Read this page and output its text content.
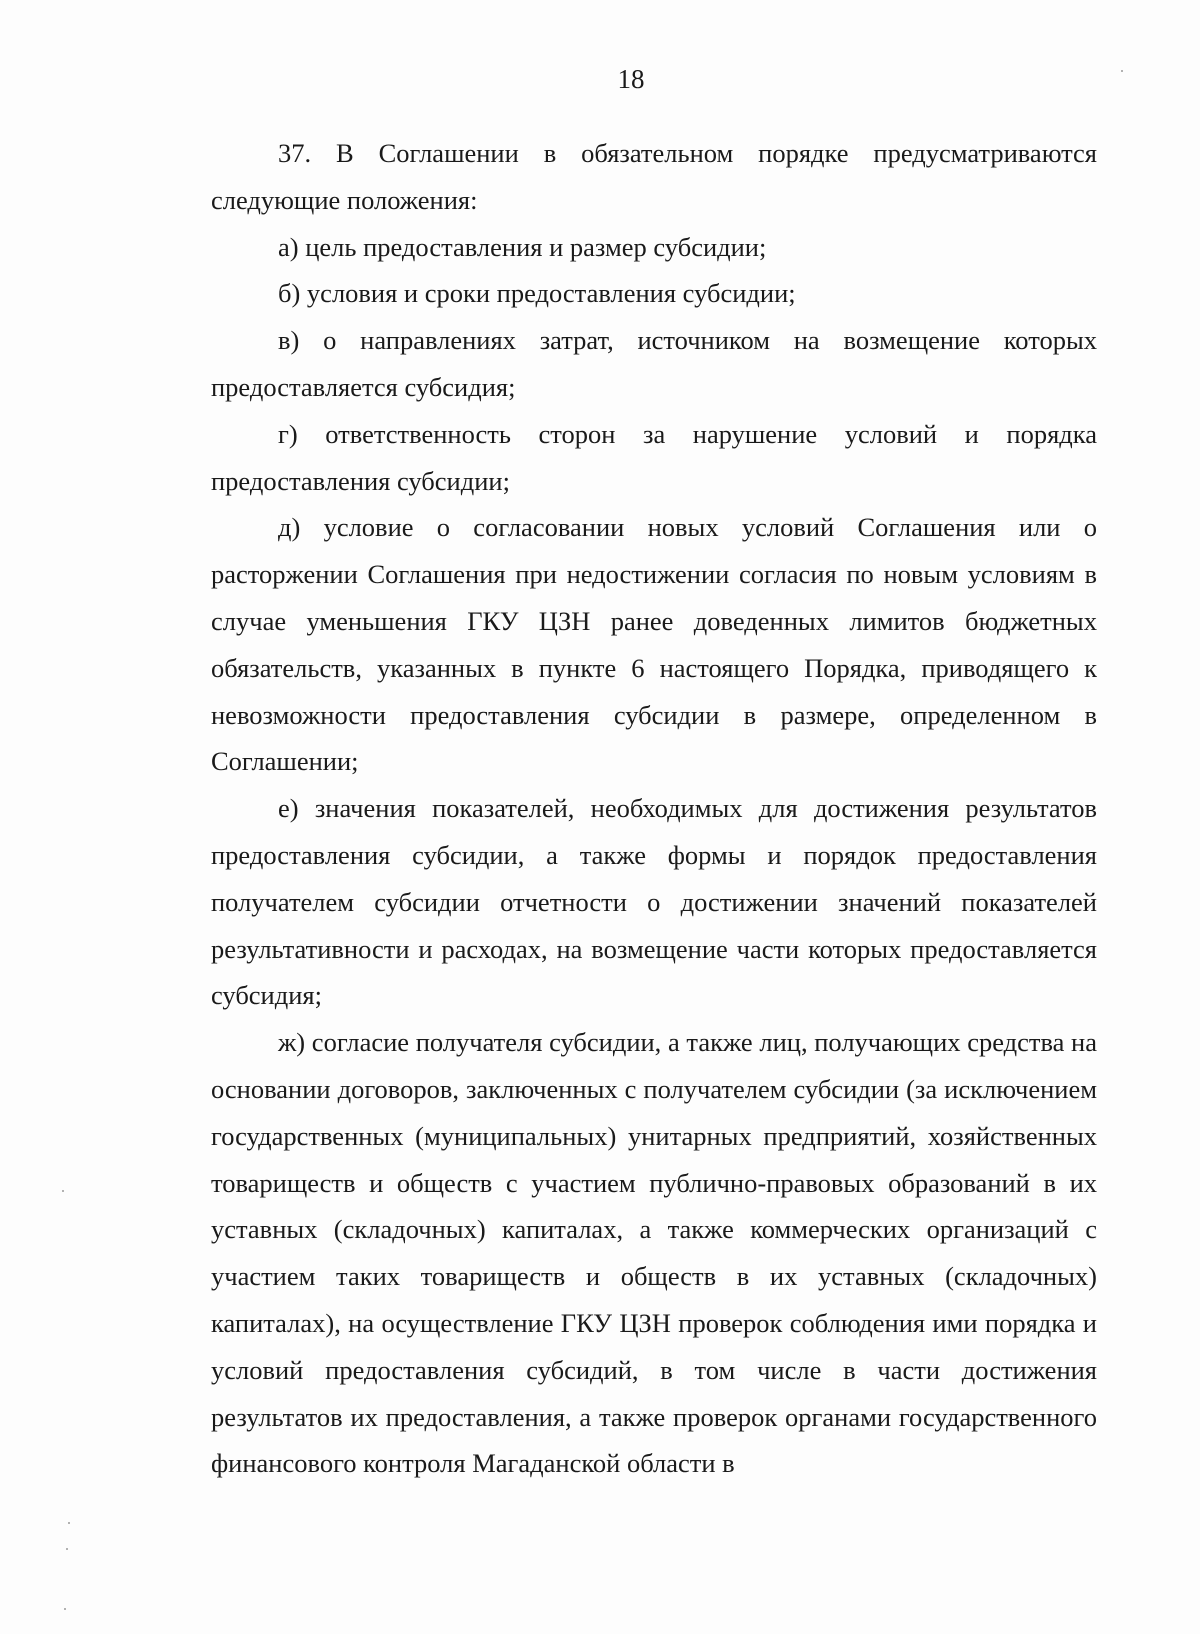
18

37. В Соглашении в обязательном порядке предусматриваются следующие положения:

а) цель предоставления и размер субсидии;

б) условия и сроки предоставления субсидии;

в) о направлениях затрат, источником на возмещение которых предоставляется субсидия;

г) ответственность сторон за нарушение условий и порядка предоставления субсидии;

д) условие о согласовании новых условий Соглашения или о расторжении Соглашения при недостижении согласия по новым условиям в случае уменьшения ГКУ ЦЗН ранее доведенных лимитов бюджетных обязательств, указанных в пункте 6 настоящего Порядка, приводящего к невозможности предоставления субсидии в размере, определенном в Соглашении;

е) значения показателей, необходимых для достижения результатов предоставления субсидии, а также формы и порядок предоставления получателем субсидии отчетности о достижении значений показателей результативности и расходах, на возмещение части которых предоставляется субсидия;

ж) согласие получателя субсидии, а также лиц, получающих средства на основании договоров, заключенных с получателем субсидии (за исключением государственных (муниципальных) унитарных предприятий, хозяйственных товариществ и обществ с участием публично-правовых образований в их уставных (складочных) капиталах, а также коммерческих организаций с участием таких товариществ и обществ в их уставных (складочных) капиталах), на осуществление ГКУ ЦЗН проверок соблюдения ими порядка и условий предоставления субсидий, в том числе в части достижения результатов их предоставления, а также проверок органами государственного финансового контроля Магаданской области в
